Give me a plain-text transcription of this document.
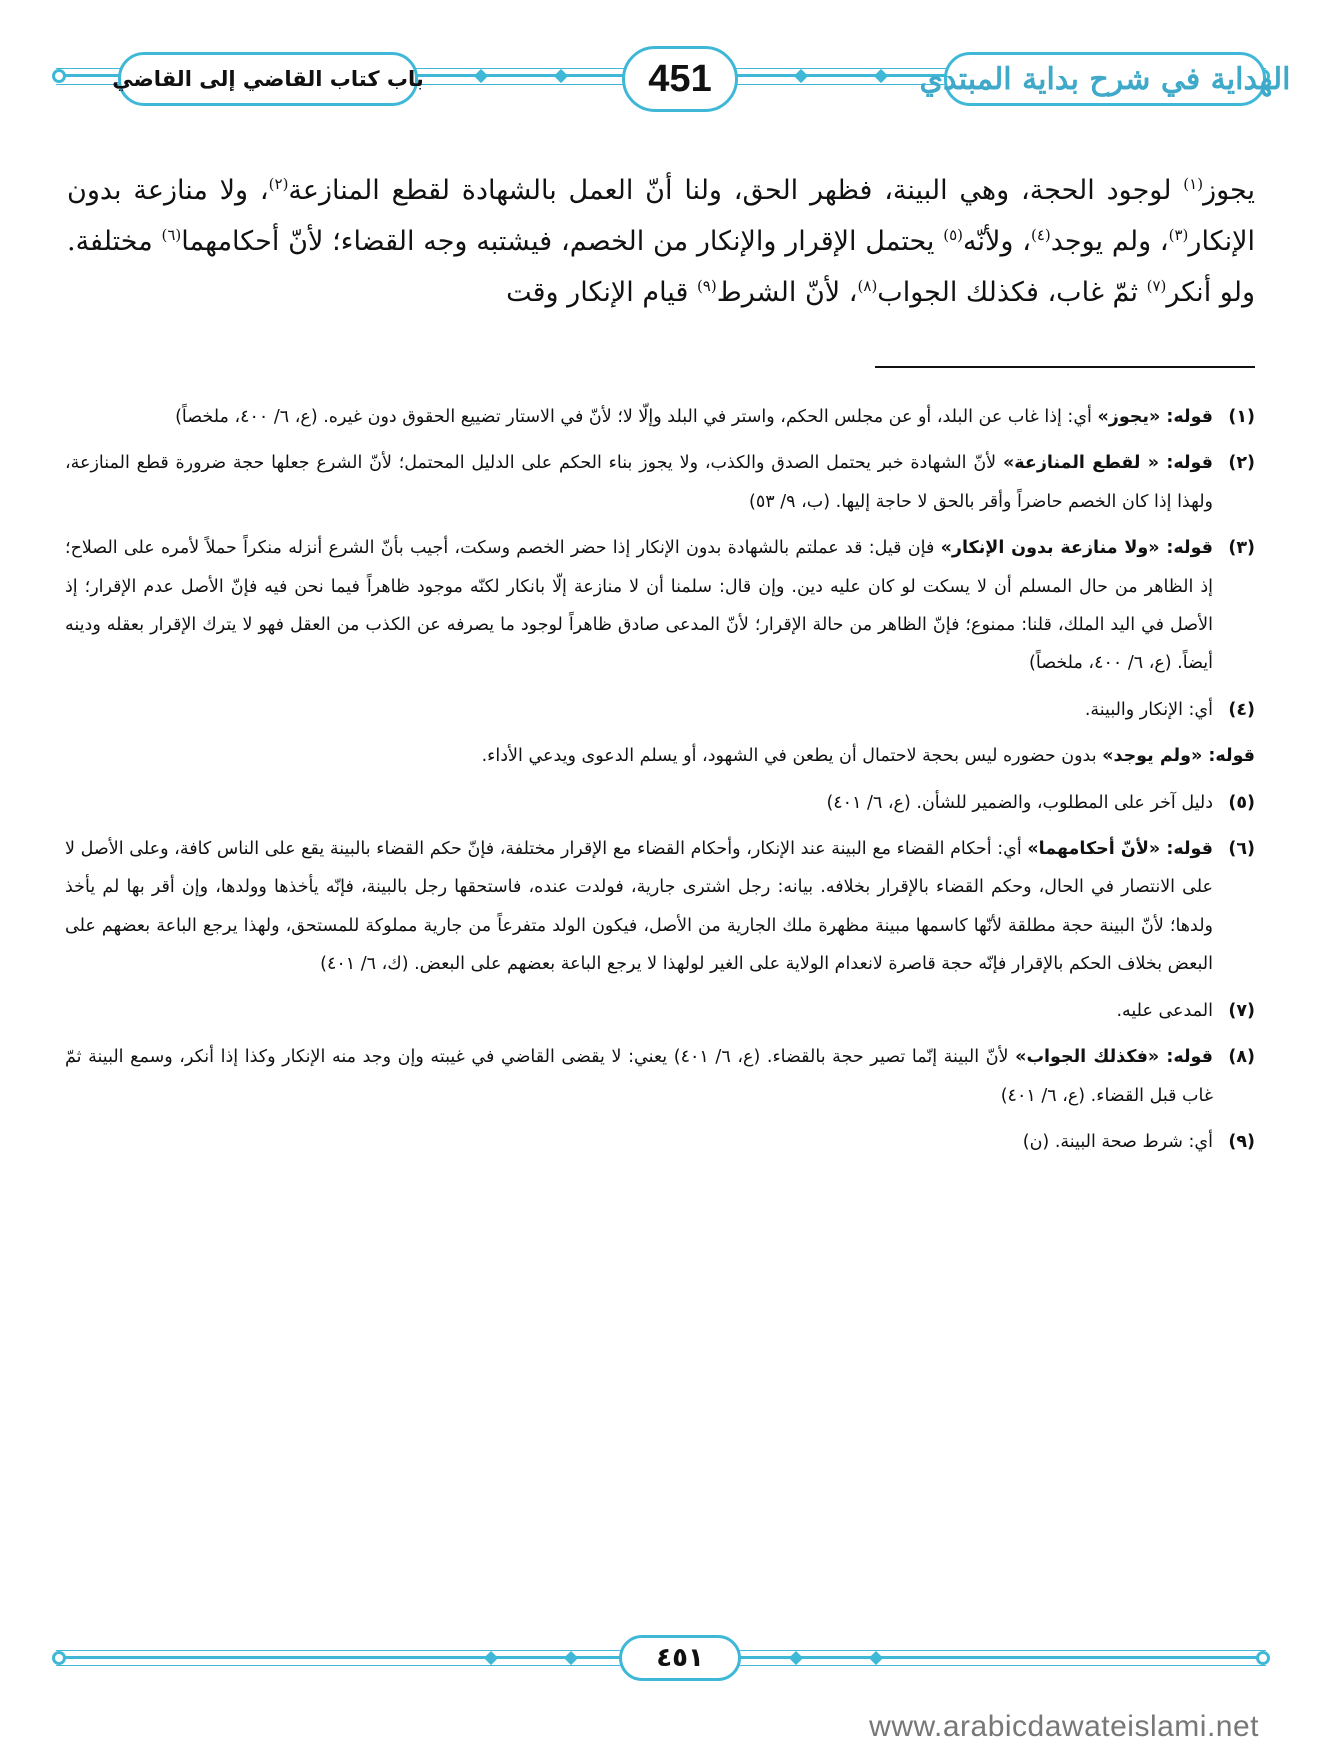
الهداية في شرح بداية المبتدي
451
باب كتاب القاضي إلى القاضي
يجوز$^{(١)}$ لوجود الحجة، وهي البينة، فظهر الحق، ولنا أنّ العمل بالشهادة لقطع المنازعة$^{(٢)}$، ولا منازعة بدون الإنكار$^{(٣)}$، ولم يوجد$^{(٤)}$، ولأنّه$^{(٥)}$ يحتمل الإقرار والإنكار من الخصم، فيشتبه وجه القضاء؛ لأنّ أحكامهما$^{(٦)}$ مختلفة. ولو أنكر$^{(٧)}$ ثمّ غاب، فكذلك الجواب$^{(٨)}$، لأنّ الشرط$^{(٩)}$ قيام الإنكار وقت

(١)
قوله: «يجوز» أي: إذا غاب عن البلد، أو عن مجلس الحكم، واستر في البلد وإلّا لا؛ لأنّ في الاستار تضييع الحقوق دون غيره. (ع، ٦/ ٤٠٠، ملخصاً)

(٢)
قوله: « لقطع المنازعة» لأنّ الشهادة خبر يحتمل الصدق والكذب، ولا يجوز بناء الحكم على الدليل المحتمل؛ لأنّ الشرع جعلها حجة ضرورة قطع المنازعة، ولهذا إذا كان الخصم حاضراً وأقر بالحق لا حاجة إليها. (ب، ٩/ ٥٣)

(٣)
قوله: «ولا منازعة بدون الإنكار» فإن قيل: قد عملتم بالشهادة بدون الإنكار إذا حضر الخصم وسكت، أجيب بأنّ الشرع أنزله منكراً حملاً لأمره على الصلاح؛ إذ الظاهر من حال المسلم أن لا يسكت لو كان عليه دين. وإن قال: سلمنا أن لا منازعة إلّا بانكار لكنّه موجود ظاهراً فيما نحن فيه فإنّ الأصل عدم الإقرار؛ إذ الأصل في اليد الملك، قلنا: ممنوع؛ فإنّ الظاهر من حالة الإقرار؛ لأنّ المدعى صادق ظاهراً لوجود ما يصرفه عن الكذب من العقل فهو لا يترك الإقرار بعقله ودينه أيضاً. (ع، ٦/ ٤٠٠، ملخصاً)

(٤)
أي: الإنكار والبينة.

قوله: «ولم يوجد» بدون حضوره ليس بحجة لاحتمال أن يطعن في الشهود، أو يسلم الدعوى ويدعي الأداء.

(٥)
دليل آخر على المطلوب، والضمير للشأن. (ع، ٦/ ٤٠١)

(٦)
قوله: «لأنّ أحكامهما» أي: أحكام القضاء مع البينة عند الإنكار، وأحكام القضاء مع الإقرار مختلفة، فإنّ حكم القضاء بالبينة يقع على الناس كافة، وعلى الأصل لا على الانتصار في الحال، وحكم القضاء بالإقرار بخلافه. بيانه: رجل اشترى جارية، فولدت عنده، فاستحقها رجل بالبينة، فإنّه يأخذها وولدها، وإن أقر بها لم يأخذ ولدها؛ لأنّ البينة حجة مطلقة لأنّها كاسمها مبينة مظهرة ملك الجارية من الأصل، فيكون الولد متفرعاً من جارية مملوكة للمستحق، ولهذا يرجع الباعة بعضهم على البعض بخلاف الحكم بالإقرار فإنّه حجة قاصرة لانعدام الولاية على الغير لولهذا لا يرجع الباعة بعضهم على البعض. (ك، ٦/ ٤٠١)

(٧)
المدعى عليه.

(٨)
قوله: «فكذلك الجواب» لأنّ البينة إنّما تصير حجة بالقضاء. (ع، ٦/ ٤٠١) يعني: لا يقضى القاضي في غيبته وإن وجد منه الإنكار وكذا إذا أنكر، وسمع البينة ثمّ غاب قبل القضاء. (ع، ٦/ ٤٠١)

(٩)
أي: شرط صحة البينة. (ن)

٤٥١
www.arabicdawateislami.net
